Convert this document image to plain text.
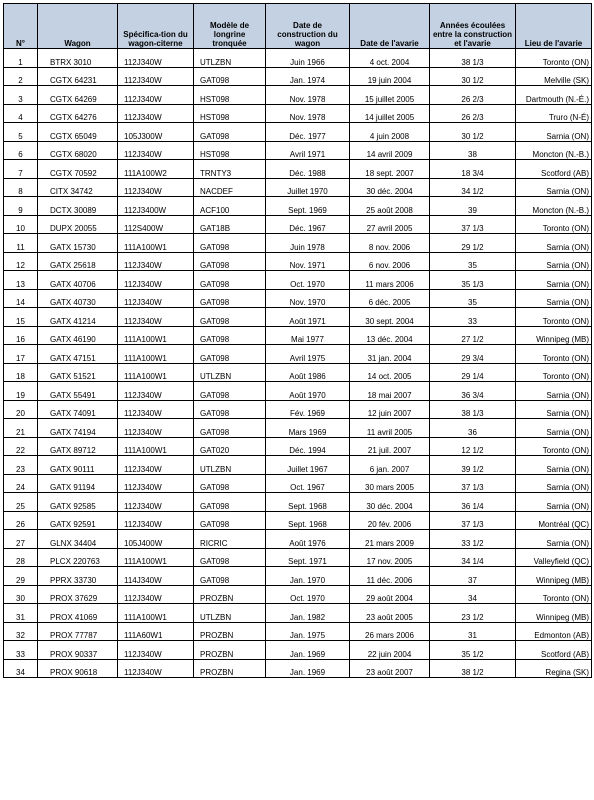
N°	Wagon	Spécifica-tion du wagon-citerne	Modèle de longrine tronquée	Date de construction du wagon	Date de l'avarie	Années écoulées entre la construction et l'avarie	Lieu de l'avarie
1	BTRX 3010	112J340W	UTLZBN	Juin 1966	4 oct. 2004	38 1/3	Toronto (ON)
2	CGTX 64231	112J340W	GAT098	Jan. 1974	19 juin 2004	30 1/2	Melville (SK)
3	CGTX 64269	112J340W	HST098	Nov. 1978	15 juillet 2005	26 2/3	Dartmouth (N.-É.)
4	CGTX 64276	112J340W	HST098	Nov. 1978	14 juillet 2005	26 2/3	Truro (N-É)
5	CGTX 65049	105J300W	GAT098	Déc. 1977	4 juin 2008	30 1/2	Sarnia (ON)
6	CGTX 68020	112J340W	HST098	Avril 1971	14 avril 2009	38	Moncton (N.-B.)
7	CGTX 70592	111A100W2	TRNTY3	Déc. 1988	18 sept. 2007	18 3/4	Scotford (AB)
8	CITX 34742	112J340W	NACDEF	Juillet 1970	30 déc. 2004	34 1/2	Sarnia (ON)
9	DCTX 30089	112J3400W	ACF100	Sept. 1969	25 août 2008	39	Moncton (N.-B.)
10	DUPX 20055	112S400W	GAT18B	Déc. 1967	27 avril 2005	37 1/3	Toronto (ON)
11	GATX 15730	111A100W1	GAT098	Juin 1978	8 nov. 2006	29 1/2	Sarnia (ON)
12	GATX 25618	112J340W	GAT098	Nov. 1971	6 nov. 2006	35	Sarnia (ON)
13	GATX 40706	112J340W	GAT098	Oct. 1970	11 mars 2006	35 1/3	Sarnia (ON)
14	GATX 40730	112J340W	GAT098	Nov. 1970	6 déc. 2005	35	Sarnia (ON)
15	GATX 41214	112J340W	GAT098	Août 1971	30 sept. 2004	33	Toronto (ON)
16	GATX 46190	111A100W1	GAT098	Mai 1977	13 déc. 2004	27 1/2	Winnipeg (MB)
17	GATX 47151	111A100W1	GAT098	Avril 1975	31 jan. 2004	29 3/4	Toronto (ON)
18	GATX 51521	111A100W1	UTLZBN	Août 1986	14 oct. 2005	29 1/4	Toronto (ON)
19	GATX 55491	112J340W	GAT098	Août 1970	18 mai 2007	36 3/4	Sarnia (ON)
20	GATX 74091	112J340W	GAT098	Fév. 1969	12 juin 2007	38 1/3	Sarnia (ON)
21	GATX 74194	112J340W	GAT098	Mars 1969	11 avril 2005	36	Sarnia (ON)
22	GATX 89712	111A100W1	GAT020	Déc. 1994	21 juil. 2007	12 1/2	Toronto (ON)
23	GATX 90111	112J340W	UTLZBN	Juillet 1967	6 jan. 2007	39 1/2	Sarnia (ON)
24	GATX 91194	112J340W	GAT098	Oct. 1967	30 mars 2005	37 1/3	Sarnia (ON)
25	GATX 92585	112J340W	GAT098	Sept. 1968	30 déc. 2004	36 1/4	Sarnia (ON)
26	GATX 92591	112J340W	GAT098	Sept. 1968	20 fév. 2006	37 1/3	Montréal (QC)
27	GLNX 34404	105J400W	RICRIC	Août 1976	21 mars 2009	33 1/2	Sarnia (ON)
28	PLCX 220763	111A100W1	GAT098	Sept. 1971	17 nov. 2005	34 1/4	Valleyfield (QC)
29	PPRX 33730	114J340W	GAT098	Jan. 1970	11 déc. 2006	37	Winnipeg (MB)
30	PROX 37629	112J340W	PROZBN	Oct. 1970	29 août 2004	34	Toronto (ON)
31	PROX 41069	111A100W1	UTLZBN	Jan. 1982	23 août 2005	23 1/2	Winnipeg (MB)
32	PROX 77787	111A60W1	PROZBN	Jan. 1975	26 mars 2006	31	Edmonton (AB)
33	PROX 90337	112J340W	PROZBN	Jan. 1969	22 juin 2004	35 1/2	Scotford (AB)
34	PROX 90618	112J340W	PROZBN	Jan. 1969	23 août 2007	38 1/2	Regina (SK)
